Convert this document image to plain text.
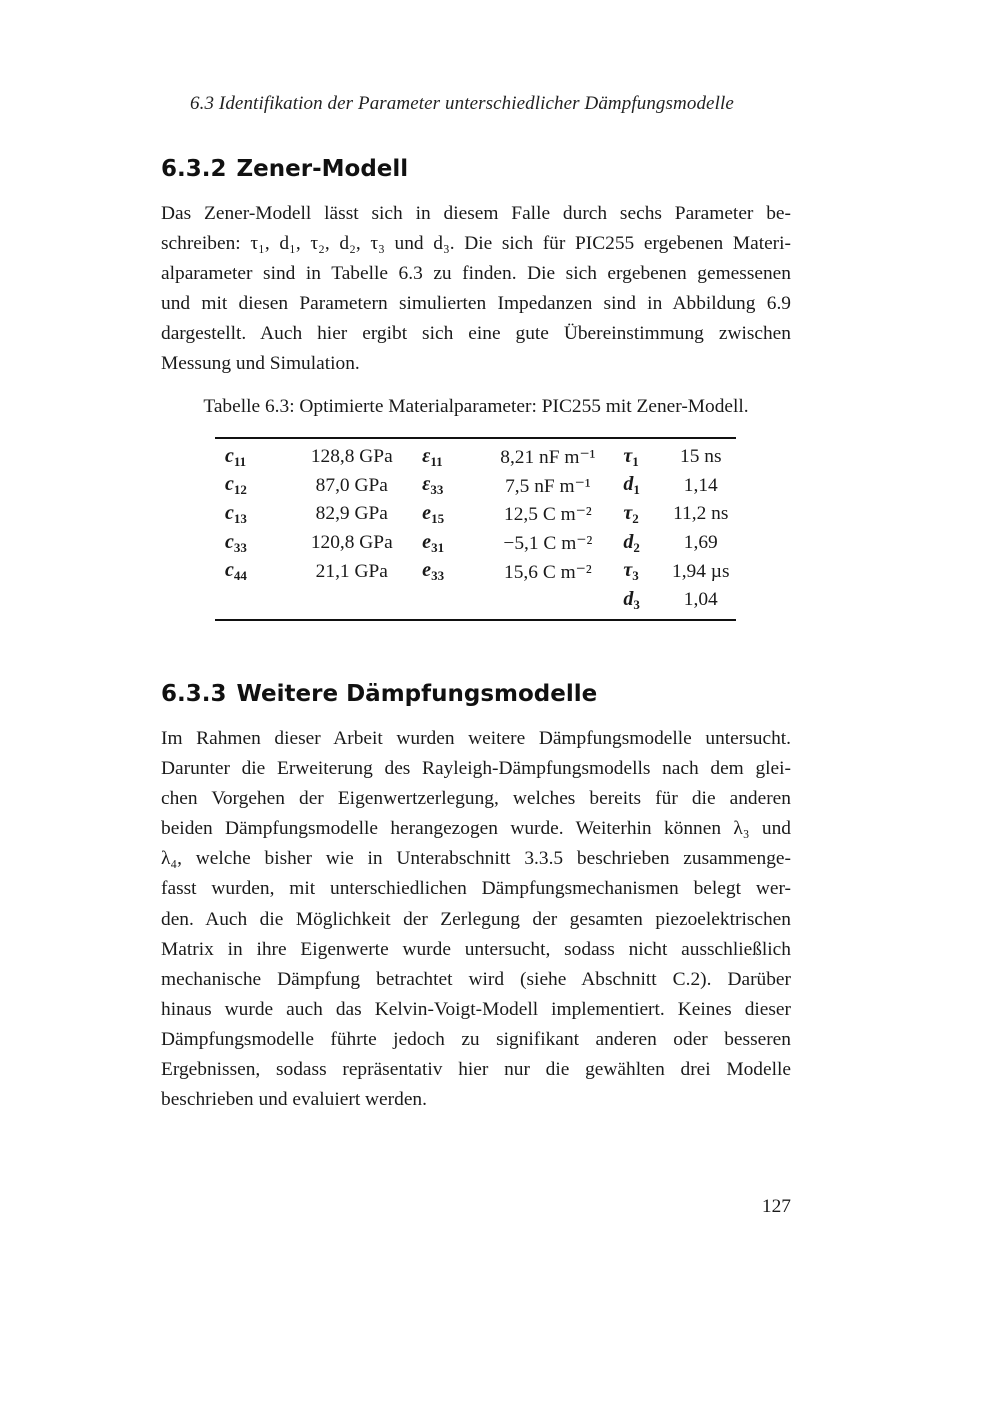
6.3 Identifikation der Parameter unterschiedlicher Dämpfungsmodelle
6.3.2 Zener-Modell
Das Zener-Modell lässt sich in diesem Falle durch sechs Parameter be-
schreiben: τ₁, d₁, τ₂, d₂, τ₃ und d₃. Die sich für PIC255 ergebenen Materi-
alparameter sind in Tabelle 6.3 zu finden. Die sich ergebenen gemessenen
und mit diesen Parametern simulierten Impedanzen sind in Abbildung 6.9
dargestellt. Auch hier ergibt sich eine gute Übereinstimmung zwischen
Messung und Simulation.
Tabelle 6.3: Optimierte Materialparameter: PIC255 mit Zener-Modell.
$c_{11}$	128,8 GPa	$\varepsilon_{11}$	8,21 nF m⁻¹	$\tau_1$	15 ns
$c_{12}$	87,0 GPa	$\varepsilon_{33}$	7,5 nF m⁻¹	$d_1$	1,14
$c_{13}$	82,9 GPa	$e_{15}$	12,5 C m⁻²	$\tau_2$	11,2 ns
$c_{33}$	120,8 GPa	$e_{31}$	−5,1 C m⁻²	$d_2$	1,69
$c_{44}$	21,1 GPa	$e_{33}$	15,6 C m⁻²	$\tau_3$	1,94 µs
				$d_3$	1,04
6.3.3 Weitere Dämpfungsmodelle
Im Rahmen dieser Arbeit wurden weitere Dämpfungsmodelle untersucht.
Darunter die Erweiterung des Rayleigh-Dämpfungsmodells nach dem glei-
chen Vorgehen der Eigenwertzerlegung, welches bereits für die anderen
beiden Dämpfungsmodelle herangezogen wurde. Weiterhin können λ₃ und
λ₄, welche bisher wie in Unterabschnitt 3.3.5 beschrieben zusammenge-
fasst wurden, mit unterschiedlichen Dämpfungsmechanismen belegt wer-
den. Auch die Möglichkeit der Zerlegung der gesamten piezoelektrischen
Matrix in ihre Eigenwerte wurde untersucht, sodass nicht ausschließlich
mechanische Dämpfung betrachtet wird (siehe Abschnitt C.2). Darüber
hinaus wurde auch das Kelvin-Voigt-Modell implementiert. Keines dieser
Dämpfungsmodelle führte jedoch zu signifikant anderen oder besseren
Ergebnissen, sodass repräsentativ hier nur die gewählten drei Modelle
beschrieben und evaluiert werden.
127
